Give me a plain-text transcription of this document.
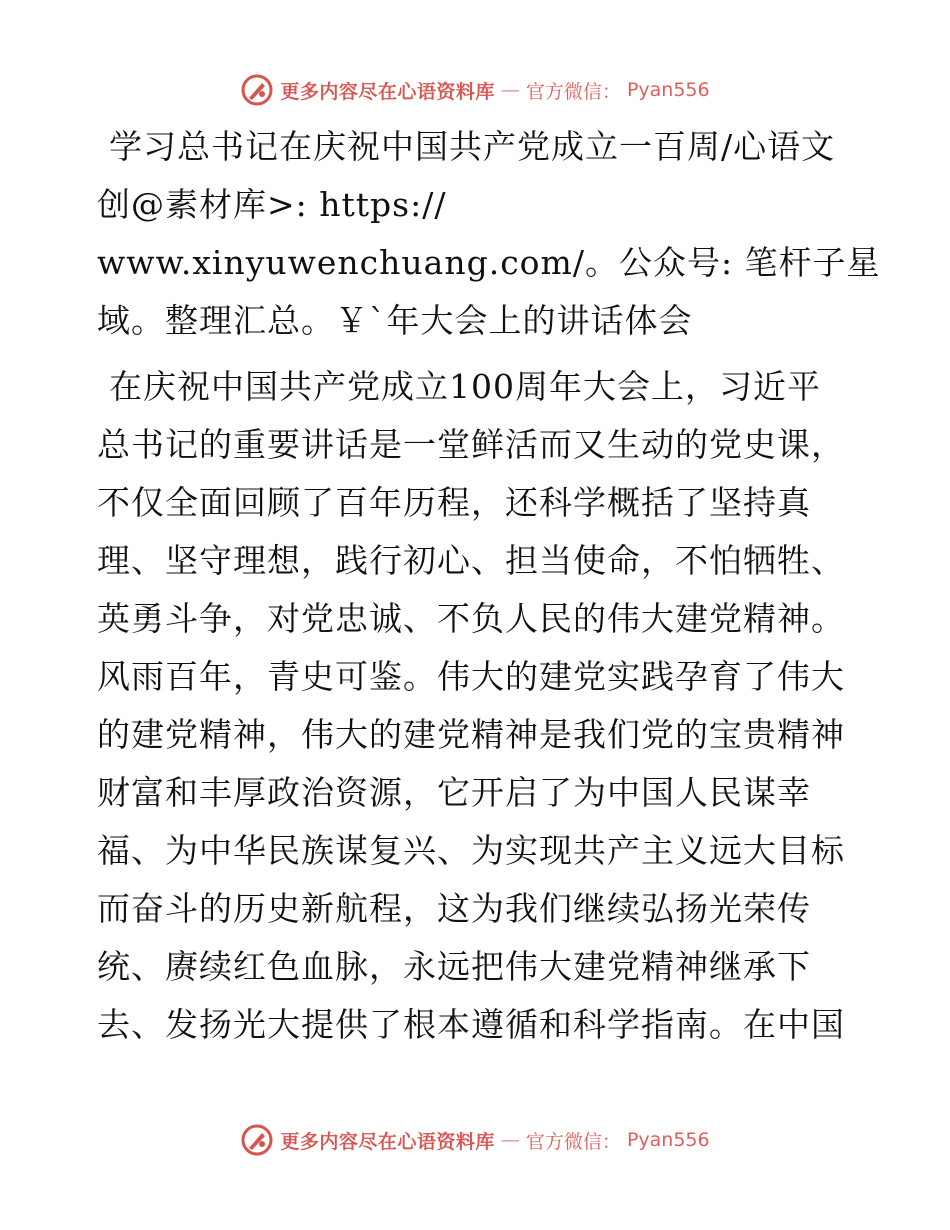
更多内容尽在心语资料库 — 官方微信： Pyan556
学习总书记在庆祝中国共产党成立一百周/心语文
创@素材库>: https://
www.xinyuwenchuang.com/。公众号: 笔杆子星
域。整理汇总。￥`年大会上的讲话体会
在庆祝中国共产党成立100周年大会上，习近平
总书记的重要讲话是一堂鲜活而又生动的党史课，
不仅全面回顾了百年历程，还科学概括了坚持真
理、坚守理想，践行初心、担当使命，不怕牺牲、
英勇斗争，对党忠诚、不负人民的伟大建党精神。
风雨百年，青史可鉴。伟大的建党实践孕育了伟大
的建党精神，伟大的建党精神是我们党的宝贵精神
财富和丰厚政治资源，它开启了为中国人民谋幸
福、为中华民族谋复兴、为实现共产主义远大目标
而奋斗的历史新航程，这为我们继续弘扬光荣传
统、赓续红色血脉，永远把伟大建党精神继承下
去、发扬光大提供了根本遵循和科学指南。在中国
更多内容尽在心语资料库 — 官方微信： Pyan556
